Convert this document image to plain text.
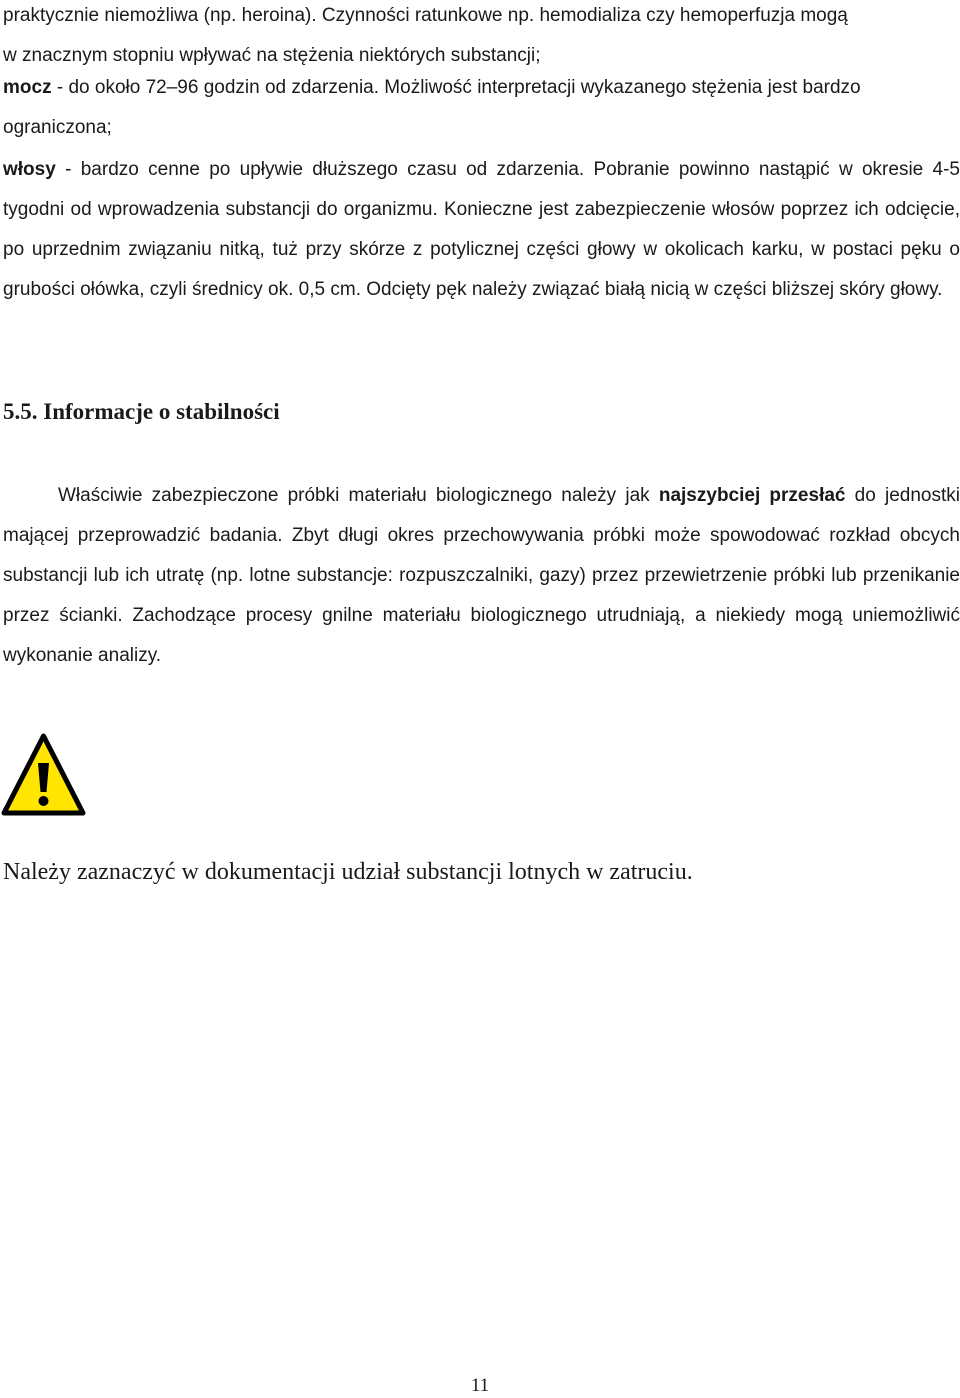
praktycznie niemożliwa (np. heroina). Czynności ratunkowe np. hemodializa czy hemoperfuzja mogą
w znacznym stopniu wpływać na stężenia niektórych substancji;

mocz - do około 72–96 godzin od zdarzenia. Możliwość interpretacji wykazanego stężenia jest bardzo ograniczona;

włosy - bardzo cenne po upływie dłuższego czasu od zdarzenia. Pobranie powinno nastąpić w okresie 4-5 tygodni od wprowadzenia substancji do organizmu. Konieczne jest zabezpieczenie włosów poprzez ich odcięcie, po uprzednim związaniu nitką, tuż przy skórze z potylicznej części głowy w okolicach karku, w postaci pęku o grubości ołówka, czyli średnicy ok. 0,5 cm. Odcięty pęk należy związać białą nicią w części bliższej skóry głowy.

5.5. Informacje o stabilności

Właściwie zabezpieczone próbki materiału biologicznego należy jak najszybciej przesłać do jednostki mającej przeprowadzić badania. Zbyt długi okres przechowywania próbki może spowodować rozkład obcych substancji lub ich utratę (np. lotne substancje: rozpuszczalniki, gazy) przez przewietrzenie próbki lub przenikanie przez ścianki. Zachodzące procesy gnilne materiału biologicznego utrudniają, a niekiedy mogą uniemożliwić wykonanie analizy.

Należy zaznaczyć w dokumentacji udział substancji lotnych w zatruciu.

11
